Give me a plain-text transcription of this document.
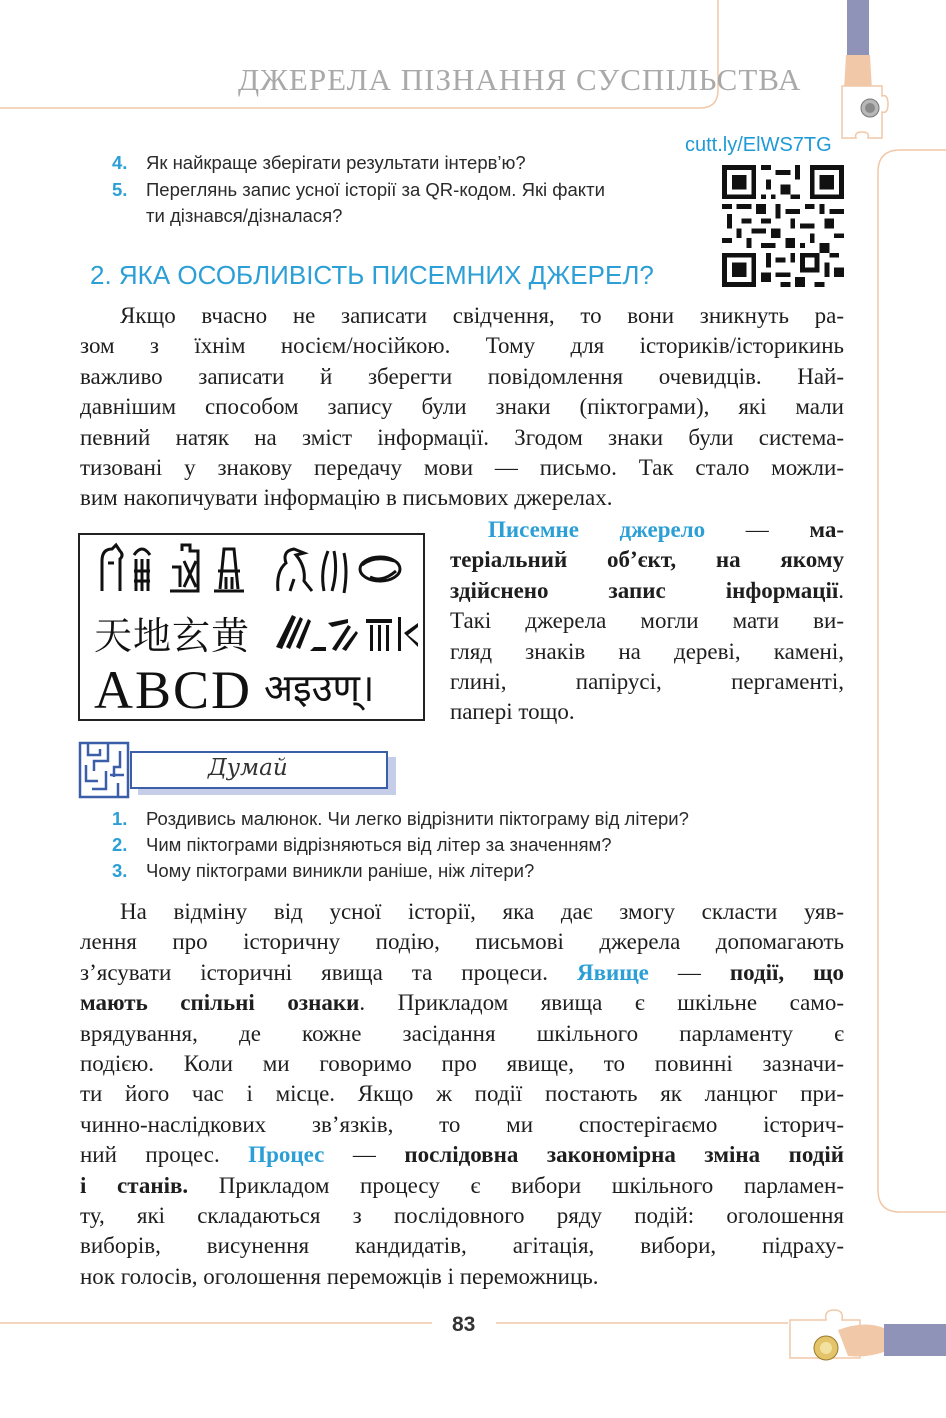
ДЖЕРЕЛА ПІЗНАННЯ СУСПІЛЬСТВА
4. Як найкраще зберігати результати інтерв’ю?
5. Переглянь запис усної історії за QR-кодом. Які факти
ти дізнався/дізналася?
cutt.ly/ElWS7TG
2. ЯКА ОСОБЛИВІСТЬ ПИСЕМНИХ ДЖЕРЕЛ?
Якщо вчасно не записати свідчення, то вони зникнуть ра-
зом з їхнім носієм/носійкою. Тому для істориків/історикинь
важливо записати й зберегти повідомлення очевидців. Най-
давнішим способом запису були знаки (піктограми), які мали
певний натяк на зміст інформації. Згодом знаки були система-
тизовані у знакову передачу мови — письмо. Так стало можли-
вим накопичувати інформацію в письмових джерелах.
天地玄黄
ABCD अइउण्।
Писемне джерело — ма-
теріальний об’єкт, на якому
здійснено запис інформації.
Такі джерела могли мати ви-
гляд знаків на дереві, камені,
глині, папірусі, пергаменті,
папері тощо.
Думай
1. Роздивись малюнок. Чи легко відрізнити піктограму від літери?
2. Чим піктограми відрізняються від літер за значенням?
3. Чому піктограми виникли раніше, ніж літери?
На відміну від усної історії, яка дає змогу скласти уяв-
лення про історичну подію, письмові джерела допомагають
з’ясувати історичні явища та процеси. Явище — події, що
мають спільні ознаки. Прикладом явища є шкільне само-
врядування, де кожне засідання шкільного парламенту є
подією. Коли ми говоримо про явище, то повинні зазначи-
ти його час і місце. Якщо ж події постають як ланцюг при-
чинно-наслідкових зв’язків, то ми спостерігаємо історич-
ний процес. Процес — послідовна закономірна зміна подій
і станів. Прикладом процесу є вибори шкільного парламен-
ту, які складаються з послідовного ряду подій: оголошення
виборів, висунення кандидатів, агітація, вибори, підраху-
нок голосів, оголошення переможців і переможниць.
83
